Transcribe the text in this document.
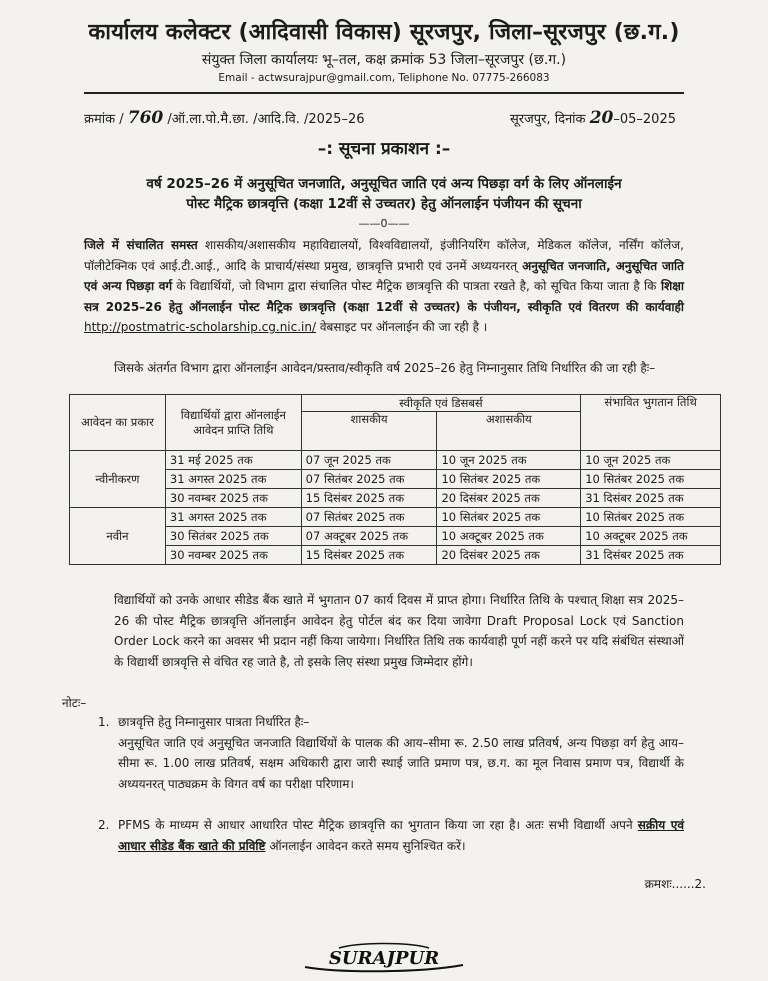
कार्यालय कलेक्टर (आदिवासी विकास) सूरजपुर, जिला–सूरजपुर (छ.ग.)
संयुक्त जिला कार्यालयः भू–तल, कक्ष क्रमांक 53 जिला–सूरजपुर (छ.ग.)
Email - actwsurajpur@gmail.com, Teliphone No. 07775-266083
क्रमांक / 760 /ऑ.ला.पो.मै.छा. /आदि.वि. /2025–26	सूरजपुर, दिनांक 20–05–2025
–: सूचना प्रकाशन :–
वर्ष 2025–26 में अनुसूचित जनजाति, अनुसूचित जाति एवं अन्य पिछड़ा वर्ग के लिए ऑनलाईन
पोस्ट मैट्रिक छात्रवृत्ति (कक्षा 12वीं से उच्चतर) हेतु ऑनलाईन पंजीयन की सूचना
——0——
जिले में संचालित समस्त शासकीय/अशासकीय महाविद्यालयों, विश्वविद्यालयों, इंजीनियरिंग कॉलेज, मेडिकल कॉलेज, नर्सिंग कॉलेज, पॉलीटेक्निक एवं आई.टी.आई., आदि के प्राचार्य/संस्था प्रमुख, छात्रवृत्ति प्रभारी एवं उनमें अध्ययनरत् अनुसूचित जनजाति, अनुसूचित जाति एवं अन्य पिछड़ा वर्ग के विद्यार्थियों, जो विभाग द्वारा संचालित पोस्ट मैट्रिक छात्रवृत्ति की पात्रता रखते है, को सूचित किया जाता है कि शिक्षा सत्र 2025–26 हेतु ऑनलाईन पोस्ट मैट्रिक छात्रवृत्ति (कक्षा 12वीं से उच्चतर) के पंजीयन, स्वीकृति एवं वितरण की कार्यवाही http://postmatric-scholarship.cg.nic.in/ वेबसाइट पर ऑनलाईन की जा रही है ।
जिसके अंतर्गत विभाग द्वारा ऑनलाईन आवेदन/प्रस्ताव/स्वीकृति वर्ष 2025–26 हेतु निम्नानुसार तिथि निर्धारित की जा रही हैः–
आवेदन का प्रकार	विद्यार्थियों द्वारा ऑनलाईन आवेदन प्राप्ति तिथि	स्वीकृति एवं डिसबर्स		संभावित भुगतान तिथि
		शासकीय	अशासकीय	
न्वीनीकरण	31 मई 2025 तक	07 जून 2025 तक	10 जून 2025 तक	10 जून 2025 तक
	31 अगस्त 2025 तक	07 सितंबर 2025 तक	10 सितंबर 2025 तक	10 सितंबर 2025 तक
	30 नवम्बर 2025 तक	15 दिसंबर 2025 तक	20 दिसंबर 2025 तक	31 दिसंबर 2025 तक
नवीन	31 अगस्त 2025 तक	07 सितंबर 2025 तक	10 सितंबर 2025 तक	10 सितंबर 2025 तक
	30 सितंबर 2025 तक	07 अक्टूबर 2025 तक	10 अक्टूबर 2025 तक	10 अक्टूबर 2025 तक
	30 नवम्बर 2025 तक	15 दिसंबर 2025 तक	20 दिसंबर 2025 तक	31 दिसंबर 2025 तक
विद्यार्थियों को उनके आधार सीडेड बैंक खाते में भुगतान 07 कार्य दिवस में प्राप्त होगा। निर्धारित तिथि के पश्चात् शिक्षा सत्र 2025–26 की पोस्ट मैट्रिक छात्रवृत्ति ऑनलाईन आवेदन हेतु पोर्टल बंद कर दिया जावेगा Draft Proposal Lock एवं Sanction Order Lock करने का अवसर भी प्रदान नहीं किया जायेगा। निर्धारित तिथि तक कार्यवाही पूर्ण नहीं करने पर यदि संबंधित संस्थाओं के विद्यार्थी छात्रवृत्ति से वंचित रह जाते है, तो इसके लिए संस्था प्रमुख जिम्मेदार होंगे।
नोटः–
1. छात्रवृत्ति हेतु निम्नानुसार पात्रता निर्धारित हैः–
अनुसूचित जाति एवं अनुसूचित जनजाति विद्यार्थियों के पालक की आय–सीमा रू. 2.50 लाख प्रतिवर्ष, अन्य पिछड़ा वर्ग हेतु आय–सीमा रू. 1.00 लाख प्रतिवर्ष, सक्षम अधिकारी द्वारा जारी स्थाई जाति प्रमाण पत्र, छ.ग. का मूल निवास प्रमाण पत्र, विद्यार्थी के अध्ययनरत् पाठ्यक्रम के विगत वर्ष का परीक्षा परिणाम।
2. PFMS के माध्यम से आधार आधारित पोस्ट मैट्रिक छात्रवृत्ति का भुगतान किया जा रहा है। अतः सभी विद्यार्थी अपने सक्रीय एवं आधार सीडेड बैंक खाते की प्रविष्टि ऑनलाईन आवेदन करते समय सुनिश्चित करें।
क्रमशः......2.
SURAJPUR
